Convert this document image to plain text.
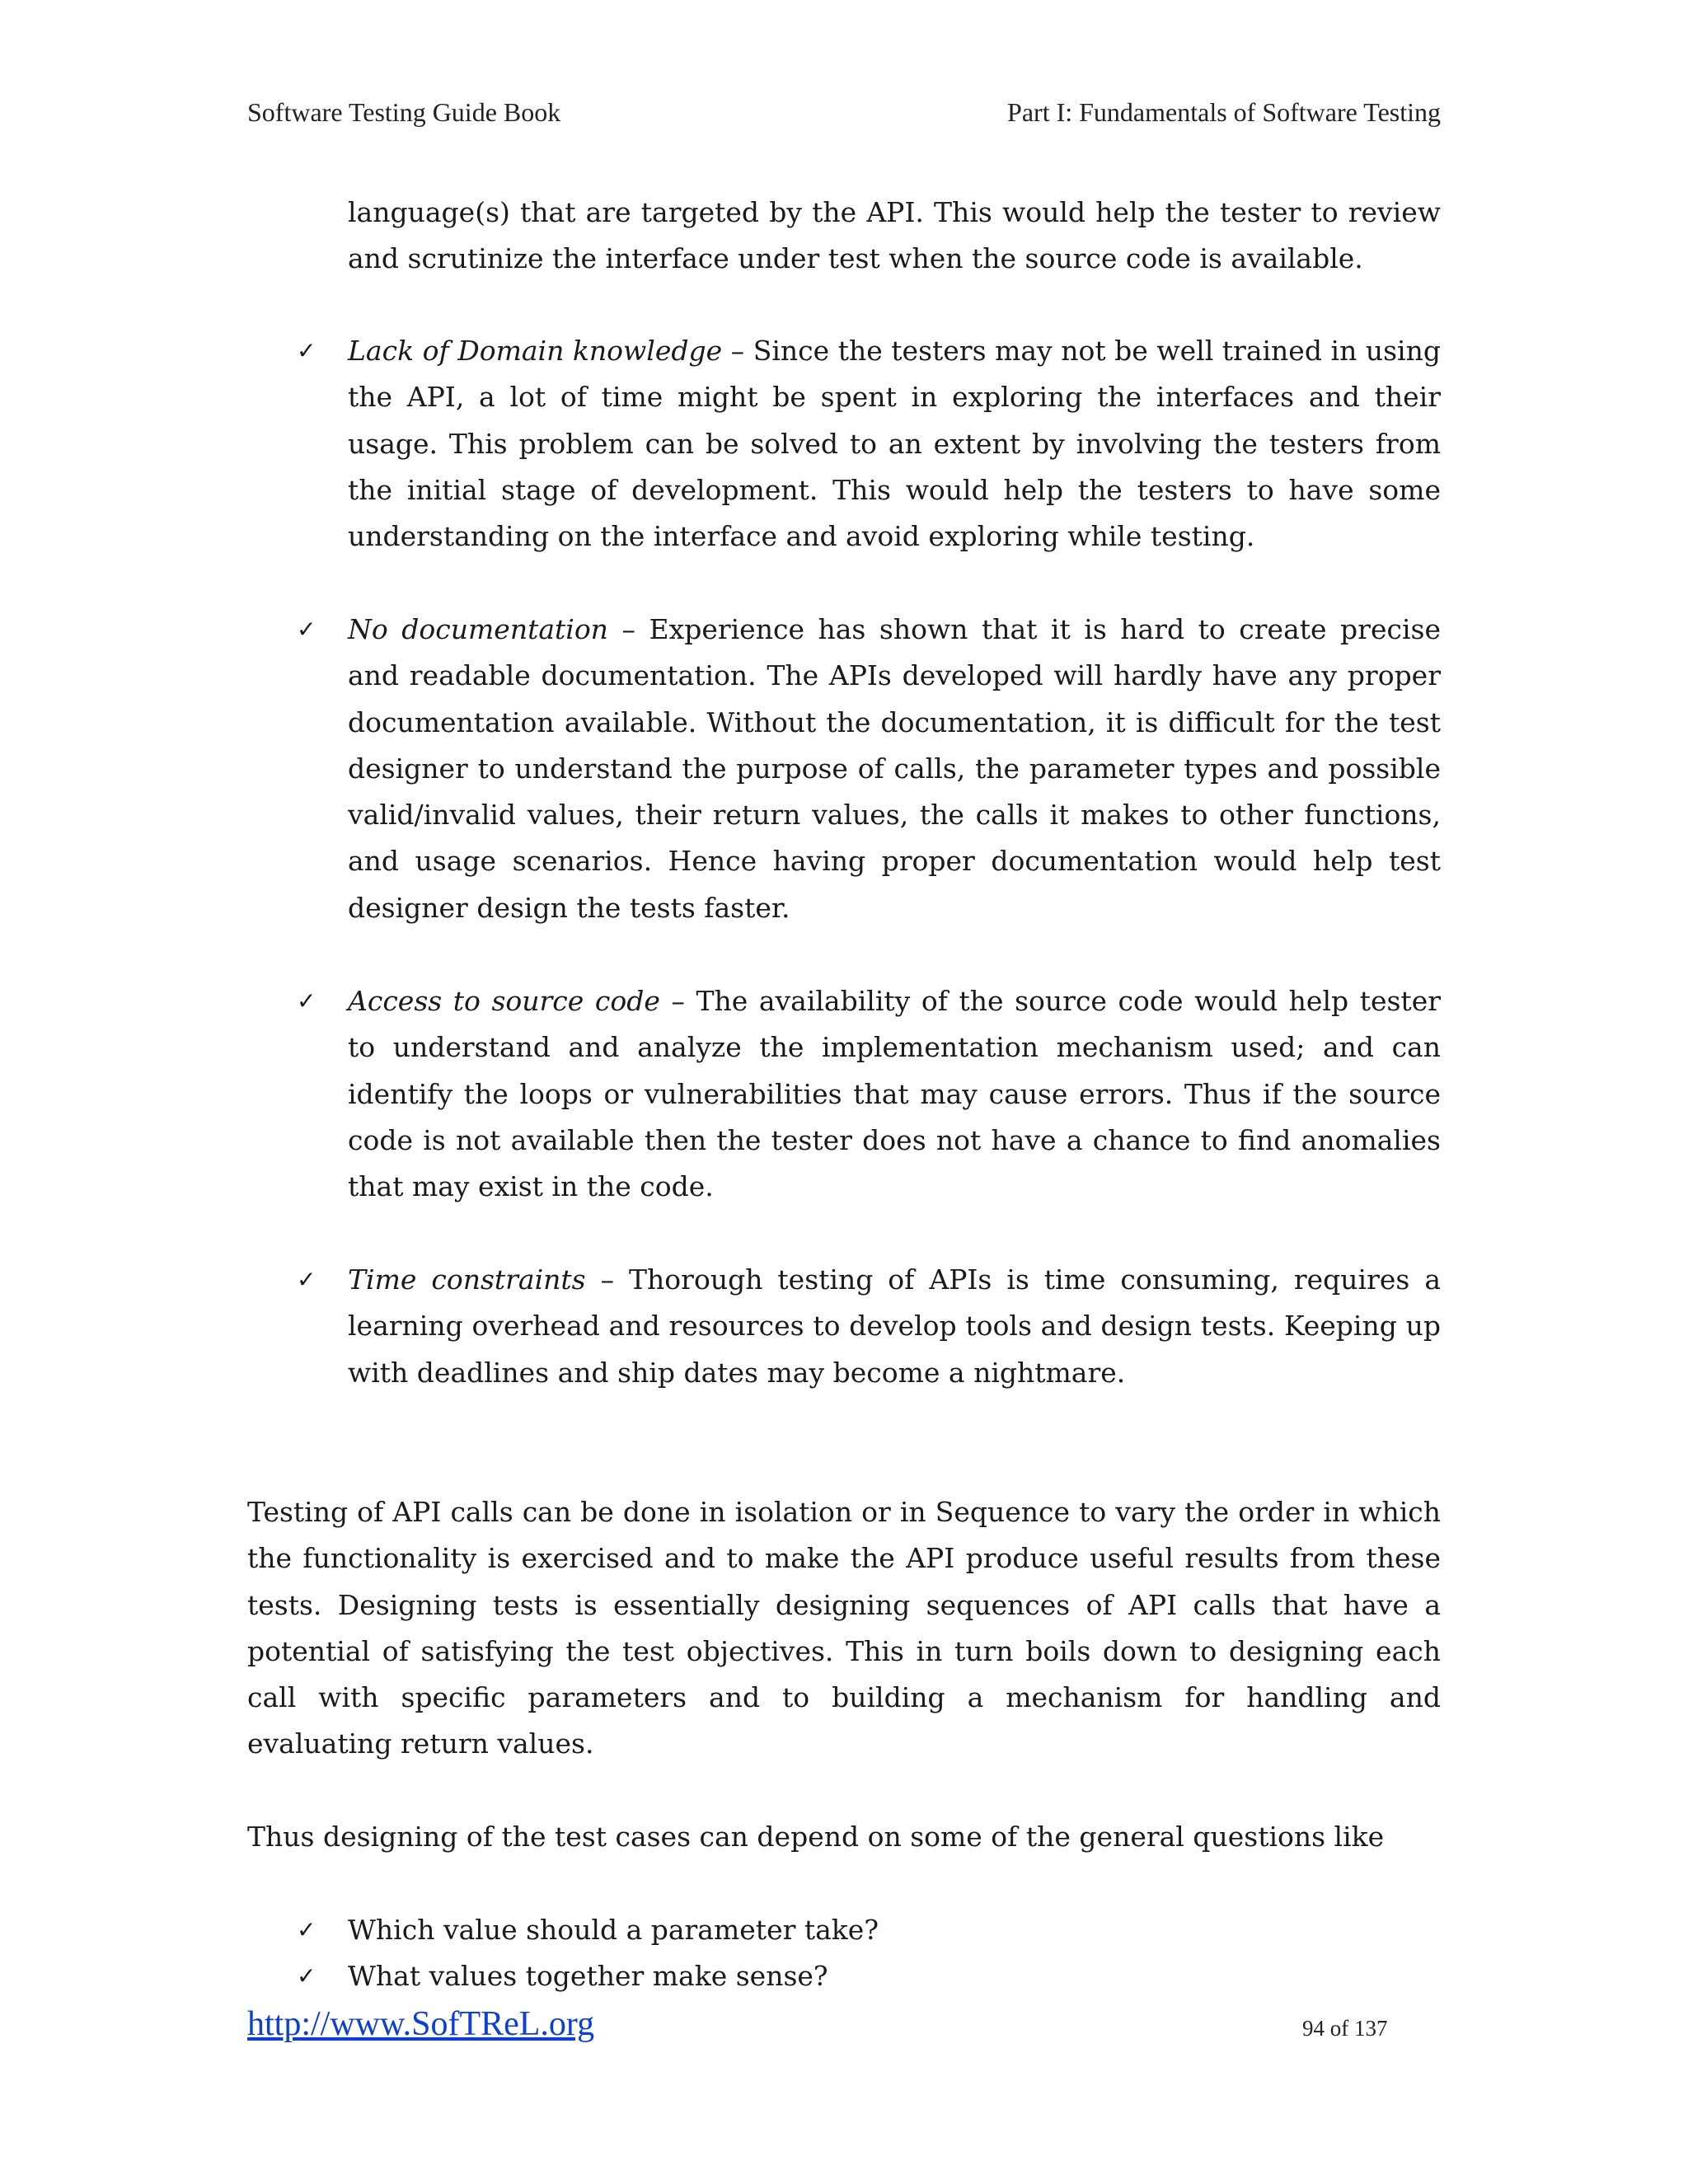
Software Testing Guide Book	Part I: Fundamentals of Software Testing

language(s) that are targeted by the API. This would help the tester to review and scrutinize the interface under test when the source code is available.

✓ Lack of Domain knowledge – Since the testers may not be well trained in using the API, a lot of time might be spent in exploring the interfaces and their usage. This problem can be solved to an extent by involving the testers from the initial stage of development. This would help the testers to have some understanding on the interface and avoid exploring while testing.
✓ No documentation – Experience has shown that it is hard to create precise and readable documentation. The APIs developed will hardly have any proper documentation available. Without the documentation, it is difficult for the test designer to understand the purpose of calls, the parameter types and possible valid/invalid values, their return values, the calls it makes to other functions, and usage scenarios. Hence having proper documentation would help test designer design the tests faster.
✓ Access to source code – The availability of the source code would help tester to understand and analyze the implementation mechanism used; and can identify the loops or vulnerabilities that may cause errors. Thus if the source code is not available then the tester does not have a chance to find anomalies that may exist in the code.
✓ Time constraints – Thorough testing of APIs is time consuming, requires a learning overhead and resources to develop tools and design tests. Keeping up with deadlines and ship dates may become a nightmare.

Testing of API calls can be done in isolation or in Sequence to vary the order in which the functionality is exercised and to make the API produce useful results from these tests. Designing tests is essentially designing sequences of API calls that have a potential of satisfying the test objectives. This in turn boils down to designing each call with specific parameters and to building a mechanism for handling and evaluating return values.

Thus designing of the test cases can depend on some of the general questions like

✓ Which value should a parameter take?
✓ What values together make sense?
http://www.SofTReL.org	94 of 137
